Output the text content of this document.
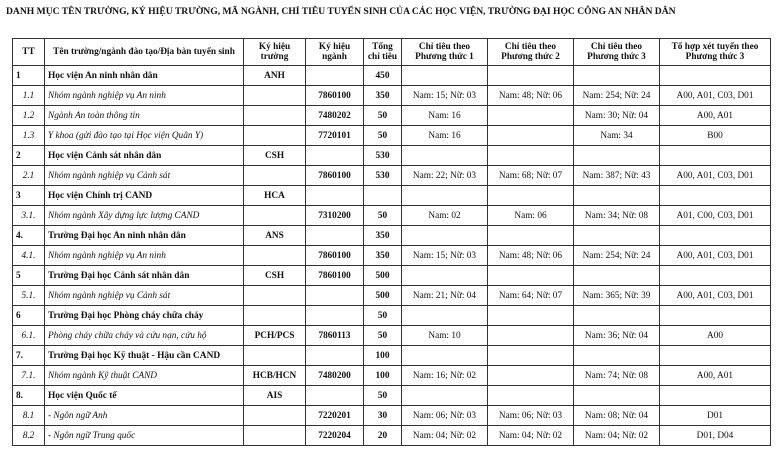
DANH MỤC TÊN TRƯỜNG, KÝ HIỆU TRƯỜNG, MÃ NGÀNH, CHỈ TIÊU TUYỂN SINH CỦA CÁC HỌC VIỆN, TRƯỜNG ĐẠI HỌC CÔNG AN NHÂN DÂN
TT	Tên trường/ngành đào tạo/Địa bàn tuyển sinh	Ký hiệu trường	Ký hiệu ngành	Tổng chỉ tiêu	Chỉ tiêu theo Phương thức 1	Chỉ tiêu theo Phương thức 2	Chỉ tiêu theo Phương thức 3	Tổ hợp xét tuyển theo Phương thức 3
1	Học viện An ninh nhân dân	ANH		450				
1.1	Nhóm ngành nghiệp vụ An ninh		7860100	350	Nam: 15; Nữ: 03	Nam: 48; Nữ: 06	Nam: 254; Nữ: 24	A00, A01, C03, D01
1.2	Ngành An toàn thông tin		7480202	50	Nam: 16		Nam: 30; Nữ: 04	A00, A01
1.3	Y khoa (gửi đào tạo tại Học viện Quân Y)		7720101	50	Nam: 16		Nam: 34	B00
2	Học viện Cảnh sát nhân dân	CSH		530				
2.1	Nhóm ngành nghiệp vụ Cảnh sát		7860100	530	Nam: 22; Nữ: 03	Nam: 68; Nữ: 07	Nam: 387; Nữ: 43	A00, A01, C03, D01
3	Học viện Chính trị CAND	HCA						
3.1.	Nhóm ngành Xây dựng lực lượng CAND		7310200	50	Nam: 02	Nam: 06	Nam: 34; Nữ: 08	A01, C00, C03, D01
4.	Trường Đại học An ninh nhân dân	ANS		350				
4.1.	Nhóm ngành nghiệp vụ An ninh		7860100	350	Nam: 15; Nữ: 03	Nam: 48; Nữ: 06	Nam: 254; Nữ: 24	A00, A01, C03, D01
5	Trường Đại học Cảnh sát nhân dân	CSH	7860100	500				
5.1.	Nhóm ngành nghiệp vụ Cảnh sát			500	Nam: 21; Nữ: 04	Nam: 64; Nữ: 07	Nam: 365; Nữ: 39	A00, A01, C03, D01
6	Trường Đại học Phòng cháy chữa cháy			50				
6.1.	Phòng cháy chữa cháy và cứu nạn, cứu hộ	PCH/PCS	7860113	50	Nam: 10		Nam: 36; Nữ: 04	A00
7.	Trường Đại học Kỹ thuật - Hậu cần CAND			100				
7.1.	Nhóm ngành Kỹ thuật CAND	HCB/HCN	7480200	100	Nam: 16; Nữ: 02		Nam: 74; Nữ: 08	A00, A01
8.	Học viện Quốc tế	AIS		50				
8.1	- Ngôn ngữ Anh		7220201	30	Nam: 06; Nữ: 03	Nam: 06; Nữ: 03	Nam: 08; Nữ: 04	D01
8.2	- Ngôn ngữ Trung quốc		7220204	20	Nam: 04; Nữ: 02	Nam: 04; Nữ: 02	Nam: 04; Nữ: 02	D01, D04
